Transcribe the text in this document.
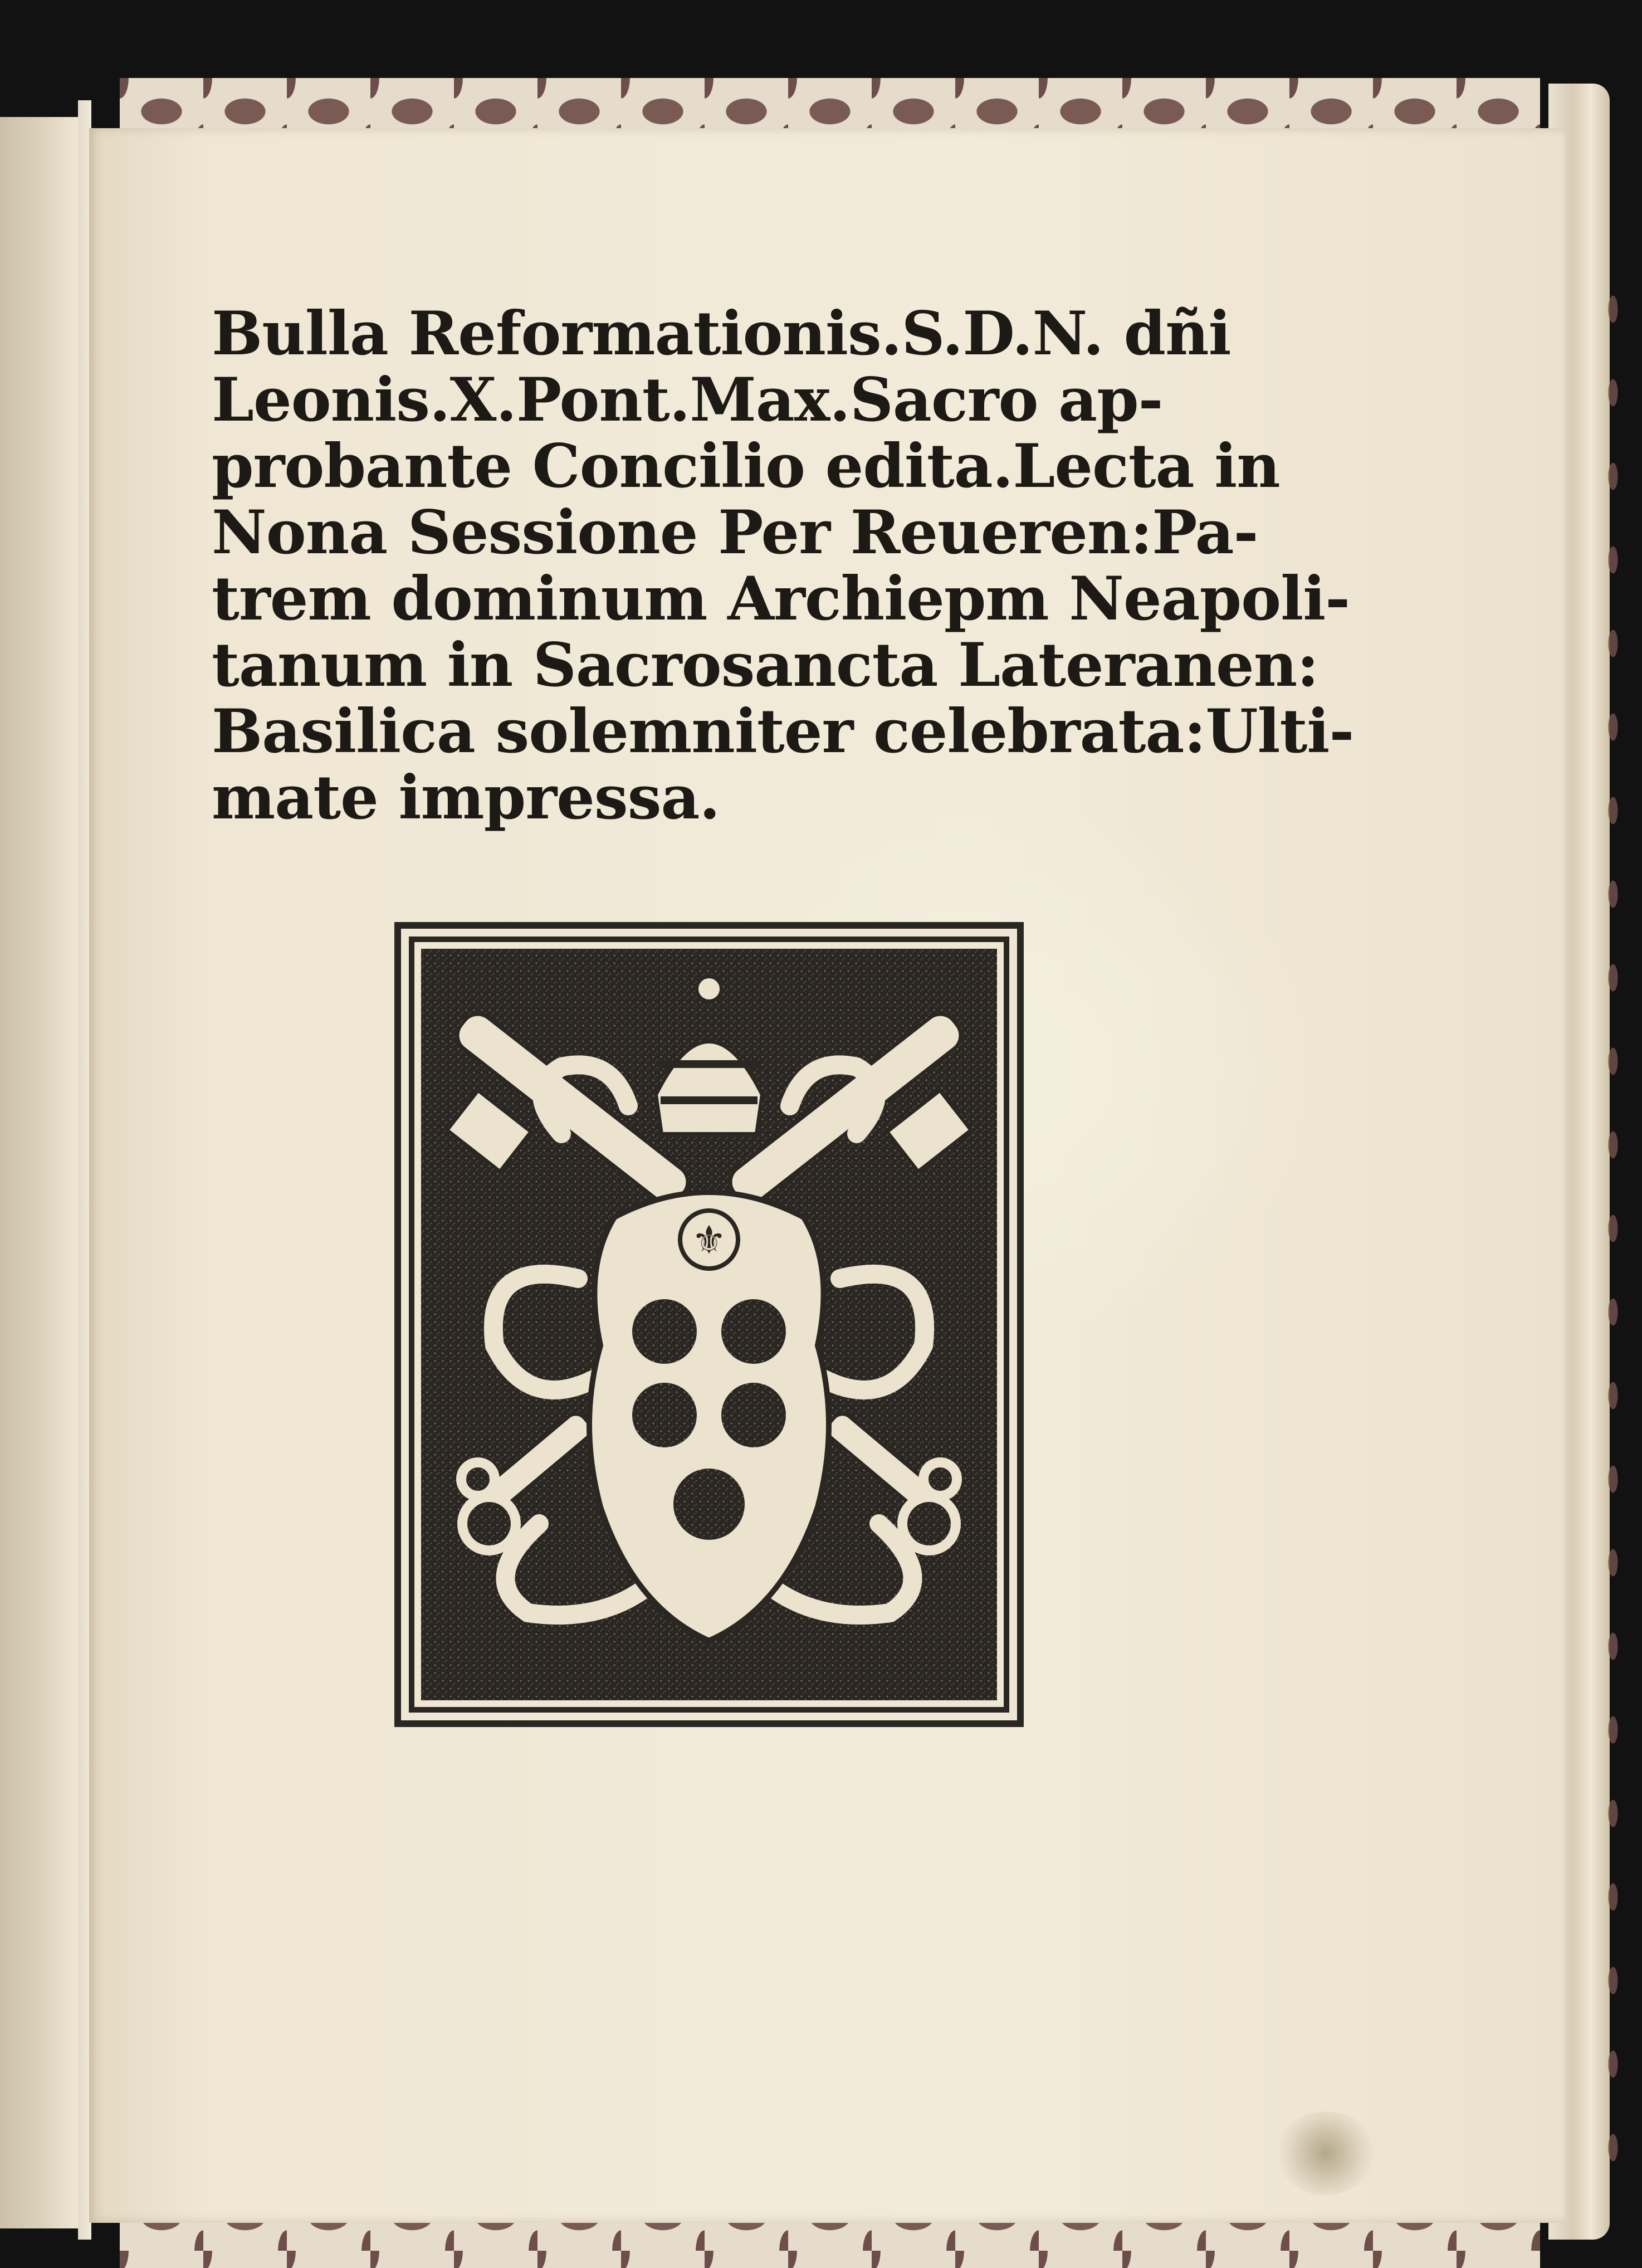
Bulla Reformationis.S.D.N. dñi
Leonis.X.Pont.Max.Sacro ap-
probante Concilio edita.Lecta in
Nona Sessione Per Reueren:Pa-
trem dominum Archiepm Neapoli-
tanum in Sacrosancta Lateranen:
Basilica solemniter celebrata:Ulti-
mate impressa.
⚜
